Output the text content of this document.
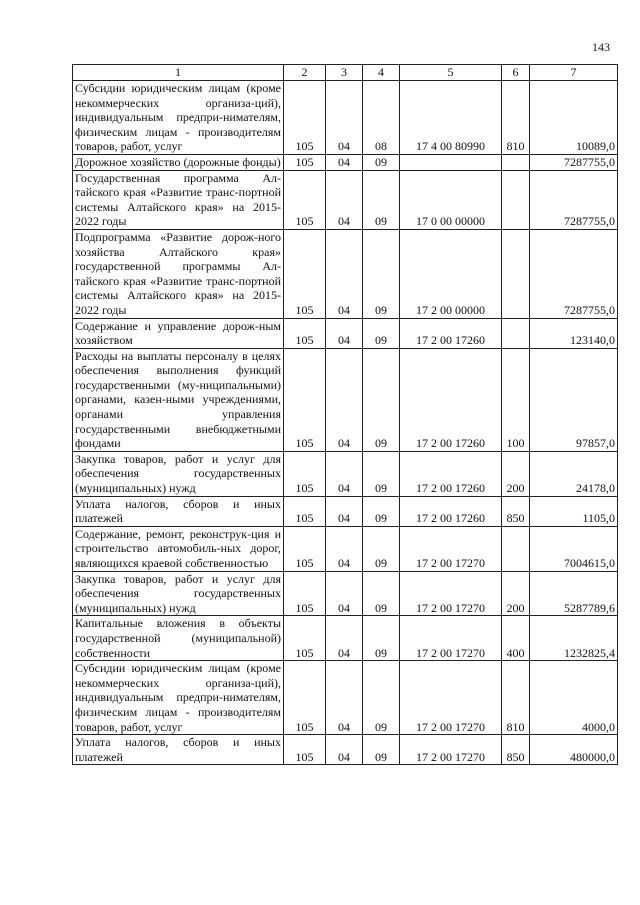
143
1	2	3	4	5	6	7
Субсидии юридическим лицам (кроме некоммерческих организа-ций), индивидуальным предпри-нимателям, физическим лицам - производителям товаров, работ, услуг	105	04	08	17 4 00 80990	810	10089,0
Дорожное хозяйство (дорожные фонды)	105	04	09			7287755,0
Государственная программа Ал-тайского края «Развитие транс-портной системы Алтайского края» на 2015-2022 годы	105	04	09	17 0 00 00000		7287755,0
Подпрограмма «Развитие дорож-ного хозяйства Алтайского края» государственной программы Ал-тайского края «Развитие транс-портной системы Алтайского края» на 2015-2022 годы	105	04	09	17 2 00 00000		7287755,0
Содержание и управление дорож-ным хозяйством	105	04	09	17 2 00 17260		123140,0
Расходы на выплаты персоналу в целях обеспечения выполнения функций государственными (му-ниципальными) органами, казен-ными учреждениями, органами управления государственными внебюджетными фондами	105	04	09	17 2 00 17260	100	97857,0
Закупка товаров, работ и услуг для обеспечения государственных (муниципальных) нужд	105	04	09	17 2 00 17260	200	24178,0
Уплата налогов, сборов и иных платежей	105	04	09	17 2 00 17260	850	1105,0
Содержание, ремонт, реконструк-ция и строительство автомобиль-ных дорог, являющихся краевой собственностью	105	04	09	17 2 00 17270		7004615,0
Закупка товаров, работ и услуг для обеспечения государственных (муниципальных) нужд	105	04	09	17 2 00 17270	200	5287789,6
Капитальные вложения в объекты государственной (муниципальной) собственности	105	04	09	17 2 00 17270	400	1232825,4
Субсидии юридическим лицам (кроме некоммерческих организа-ций), индивидуальным предпри-нимателям, физическим лицам - производителям товаров, работ, услуг	105	04	09	17 2 00 17270	810	4000,0
Уплата налогов, сборов и иных платежей	105	04	09	17 2 00 17270	850	480000,0
